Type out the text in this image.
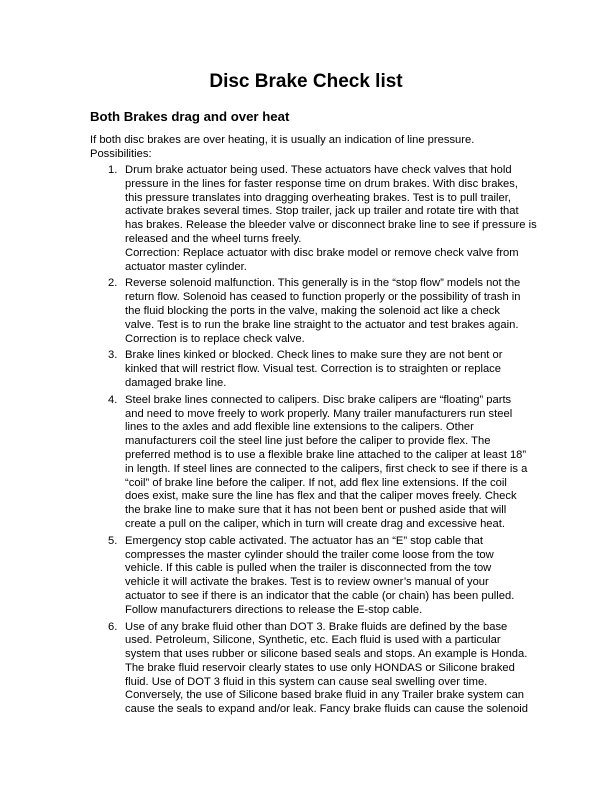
Disc Brake Check list
Both Brakes drag and over heat
If both disc brakes are over heating, it is usually an indication of line pressure.
Possibilities:
1. Drum brake actuator being used. These actuators have check valves that hold
pressure in the lines for faster response time on drum brakes. With disc brakes,
this pressure translates into dragging overheating brakes. Test is to pull trailer,
activate brakes several times. Stop trailer, jack up trailer and rotate tire with that
has brakes. Release the bleeder valve or disconnect brake line to see if pressure is
released and the wheel turns freely.
Correction: Replace actuator with disc brake model or remove check valve from
actuator master cylinder.
2. Reverse solenoid malfunction. This generally is in the “stop flow” models not the
return flow. Solenoid has ceased to function properly or the possibility of trash in
the fluid blocking the ports in the valve, making the solenoid act like a check
valve. Test is to run the brake line straight to the actuator and test brakes again.
Correction is to replace check valve.
3. Brake lines kinked or blocked. Check lines to make sure they are not bent or
kinked that will restrict flow. Visual test. Correction is to straighten or replace
damaged brake line.
4. Steel brake lines connected to calipers. Disc brake calipers are “floating” parts
and need to move freely to work properly. Many trailer manufacturers run steel
lines to the axles and add flexible line extensions to the calipers. Other
manufacturers coil the steel line just before the caliper to provide flex. The
preferred method is to use a flexible brake line attached to the caliper at least 18”
in length. If steel lines are connected to the calipers, first check to see if there is a
“coil” of brake line before the caliper. If not, add flex line extensions. If the coil
does exist, make sure the line has flex and that the caliper moves freely. Check
the brake line to make sure that it has not been bent or pushed aside that will
create a pull on the caliper, which in turn will create drag and excessive heat.
5. Emergency stop cable activated. The actuator has an “E” stop cable that
compresses the master cylinder should the trailer come loose from the tow
vehicle. If this cable is pulled when the trailer is disconnected from the tow
vehicle it will activate the brakes. Test is to review owner’s manual of your
actuator to see if there is an indicator that the cable (or chain) has been pulled.
Follow manufacturers directions to release the E-stop cable.
6. Use of any brake fluid other than DOT 3. Brake fluids are defined by the base
used. Petroleum, Silicone, Synthetic, etc. Each fluid is used with a particular
system that uses rubber or silicone based seals and stops. An example is Honda.
The brake fluid reservoir clearly states to use only HONDAS or Silicone braked
fluid. Use of DOT 3 fluid in this system can cause seal swelling over time.
Conversely, the use of Silicone based brake fluid in any Trailer brake system can
cause the seals to expand and/or leak. Fancy brake fluids can cause the solenoid
